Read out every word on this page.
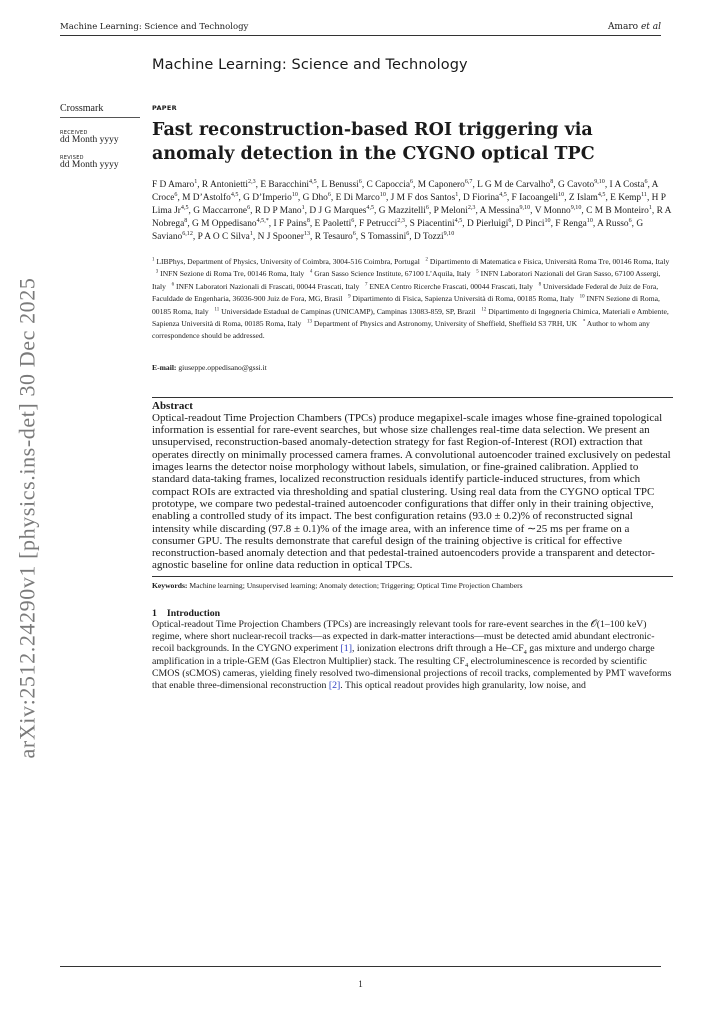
Machine Learning: Science and Technology	Amaro et al
Machine Learning: Science and Technology
arXiv:2512.24290v1 [physics.ins-det] 30 Dec 2025
Crossmark
RECEIVED
dd Month yyyy
REVISED
dd Month yyyy
PAPER
Fast reconstruction-based ROI triggering via anomaly detection in the CYGNO optical TPC
F D Amaro$^1$, R Antonietti$^{2,3}$, E Baracchini$^{4,5}$, L Benussi$^6$, C Capoccia$^6$, M Caponero$^{6,7}$, L G M de Carvalho$^8$, G Cavoto$^{9,10}$, I A Costa$^6$, A Croce$^6$, M D’Astolfo$^{4,5}$, G D’Imperio$^{10}$, G Dho$^6$, E Di Marco$^{10}$, J M F dos Santos$^1$, D Fiorina$^{4,5}$, F Iacoangeli$^{10}$, Z Islam$^{4,5}$, E Kemp$^{11}$, H P Lima Jr$^{4,5}$, G Maccarrone$^6$, R D P Mano$^1$, D J G Marques$^{4,5}$, G Mazzitelli$^6$, P Meloni$^{2,3}$, A Messina$^{9,10}$, V Monno$^{9,10}$, C M B Monteiro$^1$, R A Nobrega$^8$, G M Oppedisano$^{4,5,*}$, I F Pains$^8$, E Paoletti$^6$, F Petrucci$^{2,3}$, S Piacentini$^{4,5}$, D Pierluigi$^6$, D Pinci$^{10}$, F Renga$^{10}$, A Russo$^6$, G Saviano$^{6,12}$, P A O C Silva$^1$, N J Spooner$^{13}$, R Tesauro$^6$, S Tomassini$^6$, D Tozzi$^{9,10}$
$^1$ LIBPhys, Department of Physics, University of Coimbra, 3004-516 Coimbra, Portugal   $^2$ Dipartimento di Matematica e Fisica, Università Roma Tre, 00146 Roma, Italy   $^3$ INFN Sezione di Roma Tre, 00146 Roma, Italy   $^4$ Gran Sasso Science Institute, 67100 L’Aquila, Italy   $^5$ INFN Laboratori Nazionali del Gran Sasso, 67100 Assergi, Italy   $^6$ INFN Laboratori Nazionali di Frascati, 00044 Frascati, Italy   $^7$ ENEA Centro Ricerche Frascati, 00044 Frascati, Italy   $^8$ Universidade Federal de Juiz de Fora, Faculdade de Engenharia, 36036-900 Juiz de Fora, MG, Brasil   $^9$ Dipartimento di Fisica, Sapienza Università di Roma, 00185 Roma, Italy   $^{10}$ INFN Sezione di Roma, 00185 Roma, Italy   $^{11}$ Universidade Estadual de Campinas (UNICAMP), Campinas 13083-859, SP, Brazil   $^{12}$ Dipartimento di Ingegneria Chimica, Materiali e Ambiente, Sapienza Università di Roma, 00185 Roma, Italy   $^{13}$ Department of Physics and Astronomy, University of Sheffield, Sheffield S3 7RH, UK   * Author to whom any correspondence should be addressed.
E-mail: giuseppe.oppedisano@gssi.it
Abstract
Optical-readout Time Projection Chambers (TPCs) produce megapixel-scale images whose fine-grained topological information is essential for rare-event searches, but whose size challenges real-time data selection. We present an unsupervised, reconstruction-based anomaly-detection strategy for fast Region-of-Interest (ROI) extraction that operates directly on minimally processed camera frames. A convolutional autoencoder trained exclusively on pedestal images learns the detector noise morphology without labels, simulation, or fine-grained calibration. Applied to standard data-taking frames, localized reconstruction residuals identify particle-induced structures, from which compact ROIs are extracted via thresholding and spatial clustering. Using real data from the CYGNO optical TPC prototype, we compare two pedestal-trained autoencoder configurations that differ only in their training objective, enabling a controlled study of its impact. The best configuration retains (93.0 ± 0.2)% of reconstructed signal intensity while discarding (97.8 ± 0.1)% of the image area, with an inference time of ∼25 ms per frame on a consumer GPU. The results demonstrate that careful design of the training objective is critical for effective reconstruction-based anomaly detection and that pedestal-trained autoencoders provide a transparent and detector-agnostic baseline for online data reduction in optical TPCs.
Keywords: Machine learning; Unsupervised learning; Anomaly detection; Triggering; Optical Time Projection Chambers
1 Introduction
Optical-readout Time Projection Chambers (TPCs) are increasingly relevant tools for rare-event searches in the 𝒪(1–100 keV) regime, where short nuclear-recoil tracks—as expected in dark-matter interactions—must be detected amid abundant electronic-recoil backgrounds. In the CYGNO experiment [1], ionization electrons drift through a $He-CF_4$ gas mixture and undergo charge amplification in a triple-GEM (Gas Electron Multiplier) stack. The resulting $CF_4$ electroluminescence is recorded by scientific CMOS (sCMOS) cameras, yielding finely resolved two-dimensional projections of recoil tracks, complemented by PMT waveforms that enable three-dimensional reconstruction [2]. This optical readout provides high granularity, low noise, and
1
